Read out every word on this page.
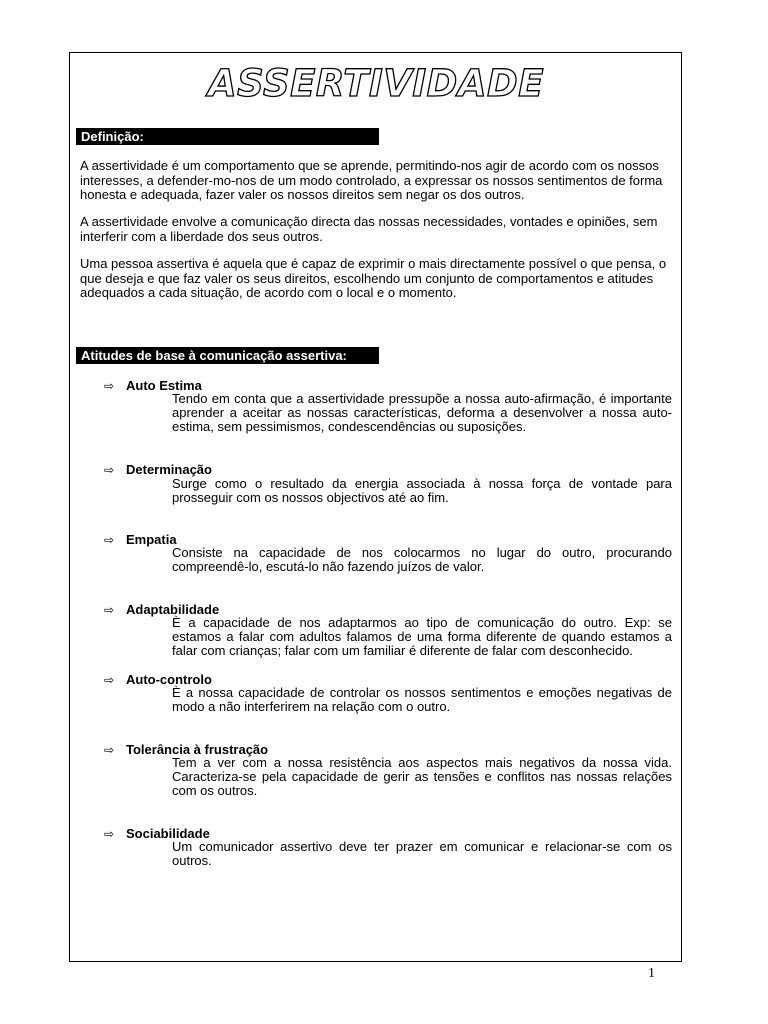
ASSERTIVIDADE
Definição:
A assertividade é um comportamento que se aprende, permitindo-nos agir de acordo com os nossos interesses, a defender-mo-nos de um modo controlado, a expressar os nossos sentimentos de forma honesta e adequada, fazer valer os nossos direitos sem negar os dos outros.
A assertividade envolve a comunicação directa das nossas necessidades, vontades e opiniões, sem interferir com a liberdade dos seus outros.
Uma pessoa assertiva é aquela que é capaz de exprimir o mais directamente possível o que pensa, o que deseja e que faz valer os seus direitos, escolhendo um conjunto de comportamentos e atitudes adequados a cada situação, de acordo com o local e o momento.
Atitudes de base à comunicação assertiva:
⇨ Auto Estima
Tendo em conta que a assertividade pressupõe a nossa auto-afirmação, é importante aprender a aceitar as nossas características, deforma a desenvolver a nossa auto-estima, sem pessimismos, condescendências ou suposições.
⇨ Determinação
Surge como o resultado da energia associada à nossa força de vontade para prosseguir com os nossos objectivos até ao fim.
⇨ Empatia
Consiste na capacidade de nos colocarmos no lugar do outro, procurando compreendê-lo, escutá-lo não fazendo juízos de valor.
⇨ Adaptabilidade
È a capacidade de nos adaptarmos ao tipo de comunicação do outro. Exp: se estamos a falar com adultos falamos de uma forma diferente de quando estamos a falar com crianças; falar com um familiar é diferente de falar com desconhecido.
⇨ Auto-controlo
È a nossa capacidade de controlar os nossos sentimentos e emoções negativas de modo a não interferirem na relação com o outro.
⇨ Tolerância à frustração
Tem a ver com a nossa resistência aos aspectos mais negativos da nossa vida. Caracteriza-se pela capacidade de gerir as tensões e conflitos nas nossas relações com os outros.
⇨ Sociabilidade
Um comunicador assertivo deve ter prazer em comunicar e relacionar-se com os outros.
1
